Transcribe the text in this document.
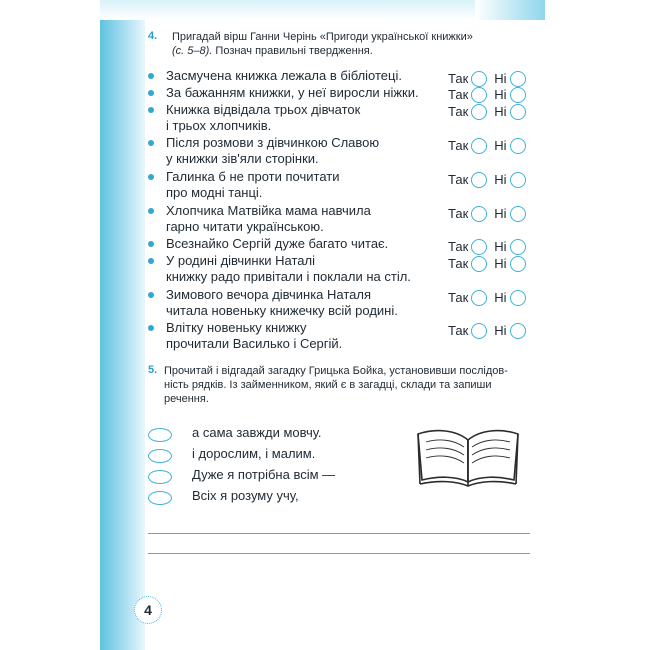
4. Пригадай вірш Ганни Черінь «Пригоди української книжки»
(с. 5–8). Познач правильні твердження.
Засмучена книжка лежала в бібліотеці.	Так Ні
За бажанням книжки, у неї виросли ніжки. Так Ні
Книжка відвідала трьох дівчаток
і трьох хлопчиків.
Так Ні
Після розмови з дівчинкою Славою
у книжки зів'яли сторінки.
Так Ні
Галинка б не проти почитати
про модні танці.
Так Ні
Хлопчика Матвійка мама навчила
гарно читати українською.
Так Ні
Всезнайко Сергій дуже багато читає.	Так Ні
У родині дівчинки Наталі
книжку радо привітали і поклали на стіл.
Так Ні
Зимового вечора дівчинка Наталя
читала новеньку книжечку всій родині.
Так Ні
Влітку новеньку книжку
прочитали Василько і Сергій.
Так Ні
5. Прочитай і відгадай загадку Грицька Бойка, установивши послідов-
ність рядків. Із займенником, який є в загадці, склади та запиши
речення.
а сама завжди мовчу.
і дорослим, і малим.
Дуже я потрібна всім —
Всіх я розуму учу,
4
